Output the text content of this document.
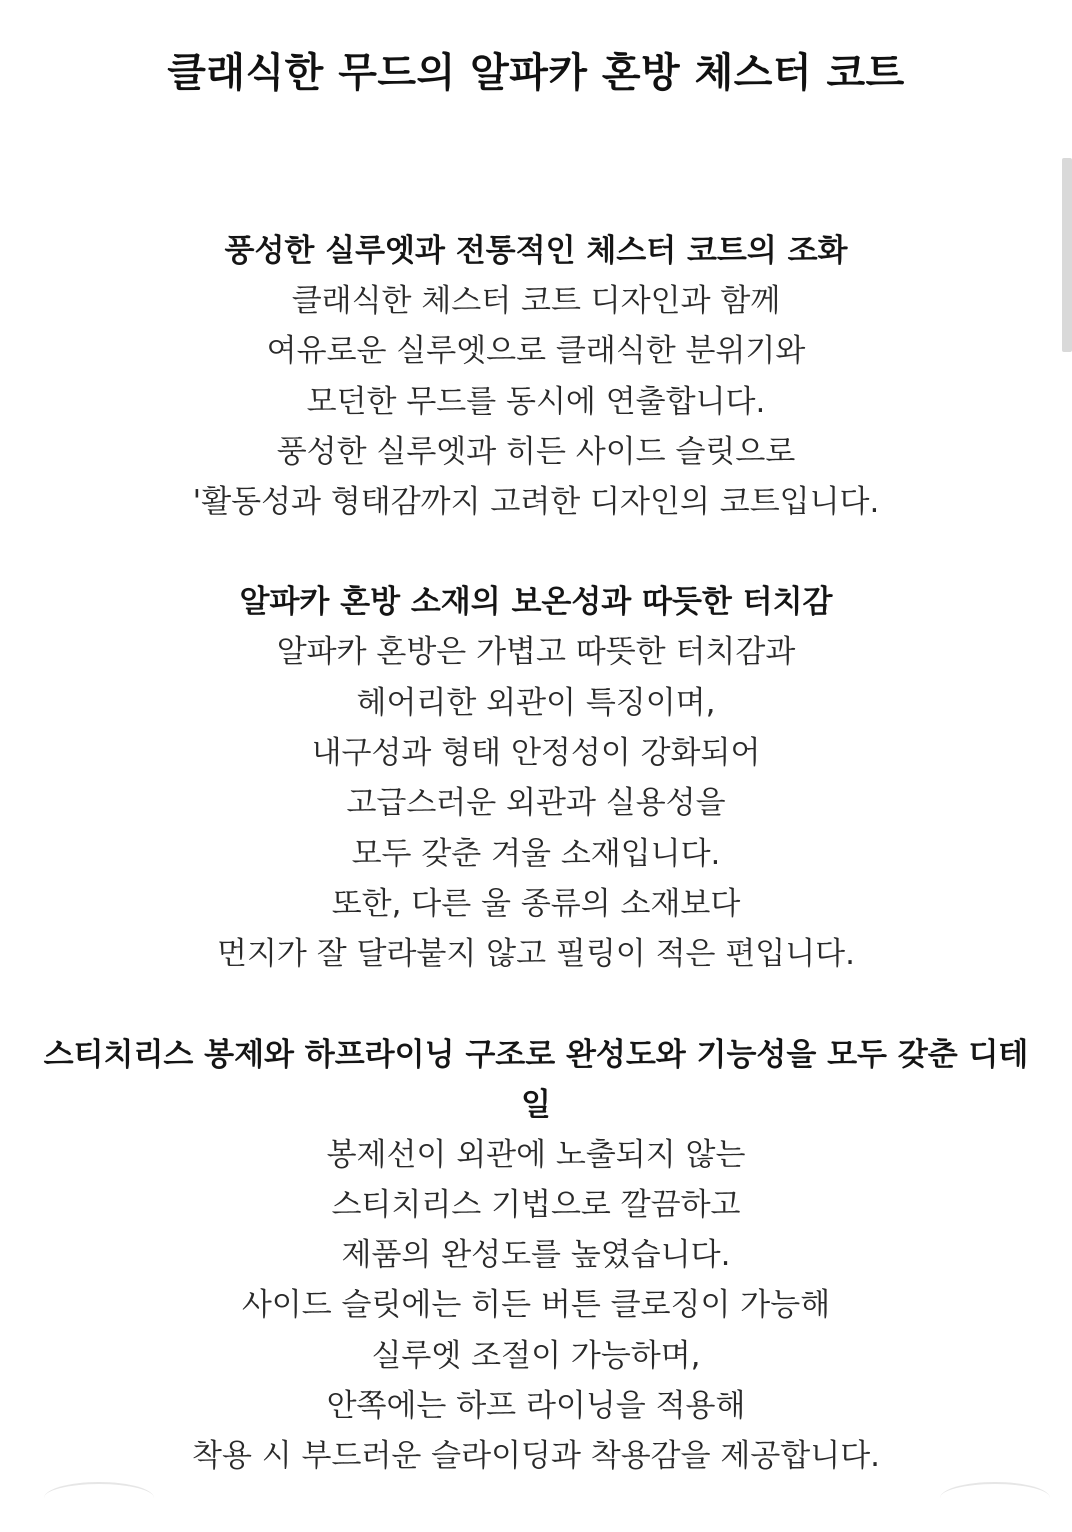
클래식한 무드의 알파카 혼방 체스터 코트

풍성한 실루엣과 전통적인 체스터 코트의 조화

클래식한 체스터 코트 디자인과 함께

여유로운 실루엣으로 클래식한 분위기와

모던한 무드를 동시에 연출합니다.

풍성한 실루엣과 히든 사이드 슬릿으로

'활동성과 형태감까지 고려한 디자인의 코트입니다.

알파카 혼방 소재의 보온성과 따듯한 터치감

알파카 혼방은 가볍고 따뜻한 터치감과

헤어리한 외관이 특징이며,

내구성과 형태 안정성이 강화되어

고급스러운 외관과 실용성을

모두 갖춘 겨울 소재입니다.

또한, 다른 울 종류의 소재보다

먼지가 잘 달라붙지 않고 필링이 적은 편입니다.

스티치리스 봉제와 하프라이닝 구조로 완성도와 기능성을 모두 갖춘 디테일

봉제선이 외관에 노출되지 않는

스티치리스 기법으로 깔끔하고

제품의 완성도를 높였습니다.

사이드 슬릿에는 히든 버튼 클로징이 가능해

실루엣 조절이 가능하며,

안쪽에는 하프 라이닝을 적용해

착용 시 부드러운 슬라이딩과 착용감을 제공합니다.
